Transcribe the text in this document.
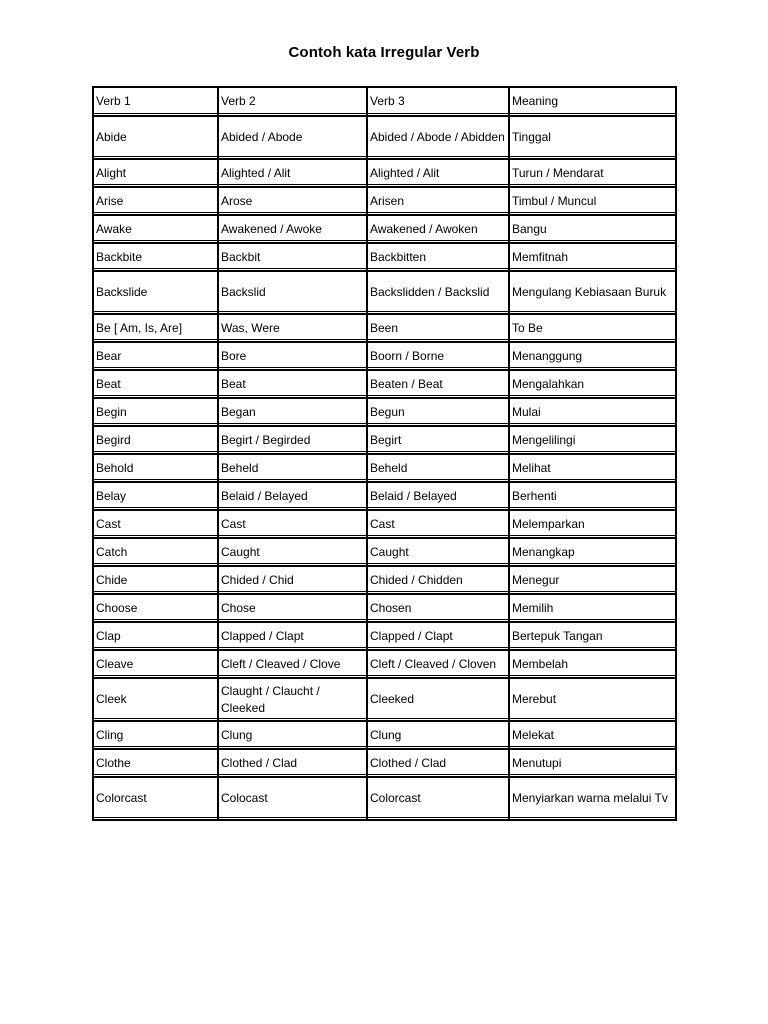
Contoh kata Irregular Verb
Verb 1	Verb 2	Verb 3	Meaning
Abide	Abided / Abode	Abided / Abode / Abidden	Tinggal
Alight	Alighted / Alit	Alighted / Alit	Turun / Mendarat
Arise	Arose	Arisen	Timbul / Muncul
Awake	Awakened / Awoke	Awakened / Awoken	Bangu
Backbite	Backbit	Backbitten	Memfitnah
Backslide	Backslid	Backslidden / Backslid	Mengulang Kebiasaan Buruk
Be [ Am, Is, Are]	Was, Were	Been	To Be
Bear	Bore	Boorn / Borne	Menanggung
Beat	Beat	Beaten / Beat	Mengalahkan
Begin	Began	Begun	Mulai
Begird	Begirt / Begirded	Begirt	Mengelilingi
Behold	Beheld	Beheld	Melihat
Belay	Belaid / Belayed	Belaid / Belayed	Berhenti
Cast	Cast	Cast	Melemparkan
Catch	Caught	Caught	Menangkap
Chide	Chided / Chid	Chided / Chidden	Menegur
Choose	Chose	Chosen	Memilih
Clap	Clapped / Clapt	Clapped / Clapt	Bertepuk Tangan
Cleave	Cleft / Cleaved / Clove	Cleft / Cleaved / Cloven	Membelah
Cleek	Claught / Claucht / Cleeked	Cleeked	Merebut
Cling	Clung	Clung	Melekat
Clothe	Clothed / Clad	Clothed / Clad	Menutupi
Colorcast	Colocast	Colorcast	Menyiarkan warna melalui Tv
